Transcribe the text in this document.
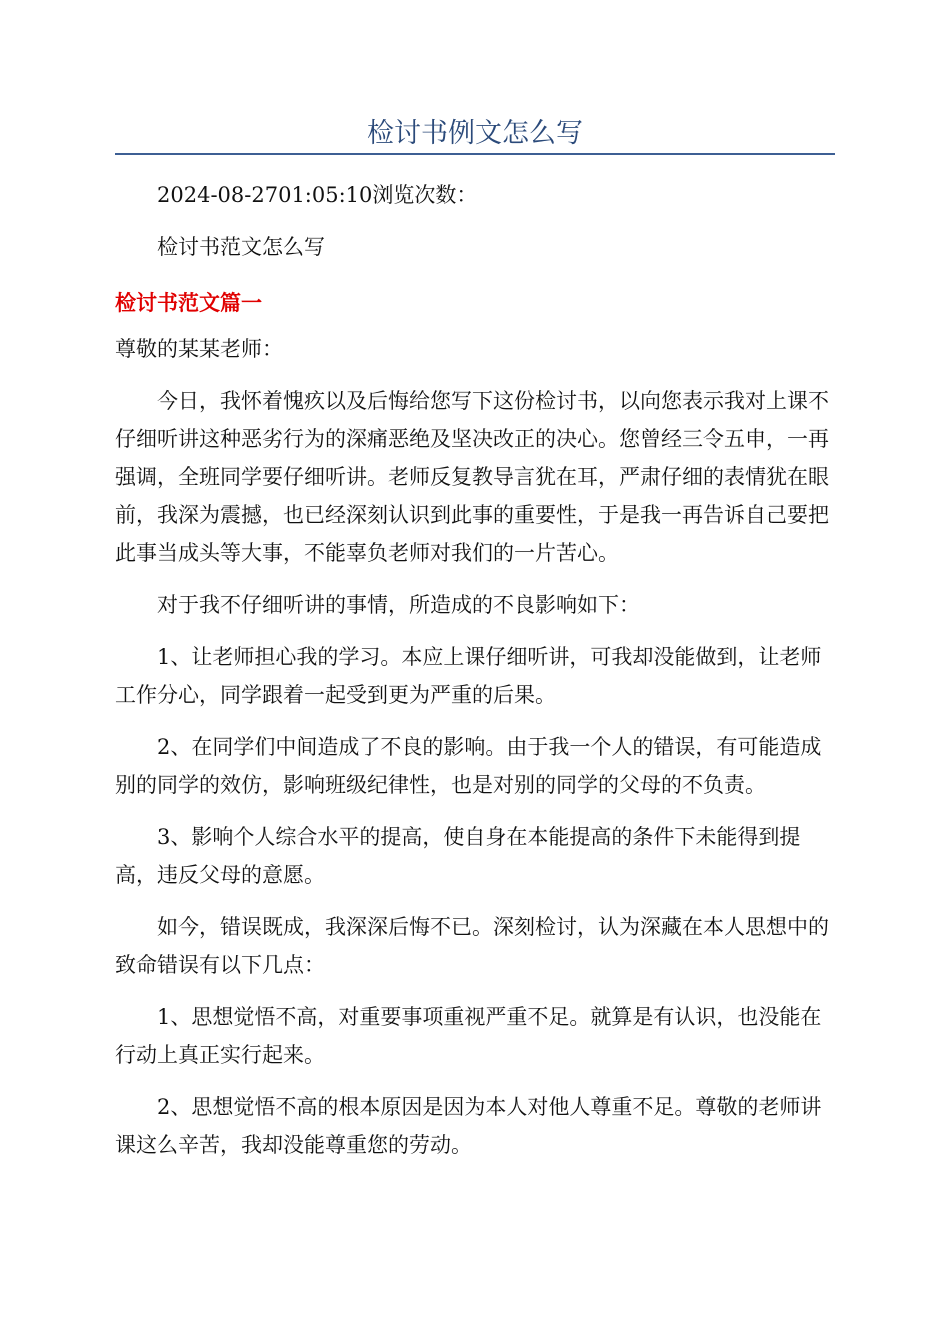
检讨书例文怎么写

2024-08-2701:05:10浏览次数：

检讨书范文怎么写

检讨书范文篇一

尊敬的某某老师：

今日，我怀着愧疚以及后悔给您写下这份检讨书，以向您表示我对上课不仔细听讲这种恶劣行为的深痛恶绝及坚决改正的决心。您曾经三令五申，一再强调，全班同学要仔细听讲。老师反复教导言犹在耳，严肃仔细的表情犹在眼前，我深为震撼，也已经深刻认识到此事的重要性，于是我一再告诉自己要把此事当成头等大事，不能辜负老师对我们的一片苦心。

对于我不仔细听讲的事情，所造成的不良影响如下：

1、让老师担心我的学习。本应上课仔细听讲，可我却没能做到，让老师工作分心，同学跟着一起受到更为严重的后果。

2、在同学们中间造成了不良的影响。由于我一个人的错误，有可能造成别的同学的效仿，影响班级纪律性，也是对别的同学的父母的不负责。

3、影响个人综合水平的提高，使自身在本能提高的条件下未能得到提高，违反父母的意愿。

如今，错误既成，我深深后悔不已。深刻检讨，认为深藏在本人思想中的致命错误有以下几点：

1、思想觉悟不高，对重要事项重视严重不足。就算是有认识，也没能在行动上真正实行起来。

2、思想觉悟不高的根本原因是因为本人对他人尊重不足。尊敬的老师讲课这么辛苦，我却没能尊重您的劳动。
